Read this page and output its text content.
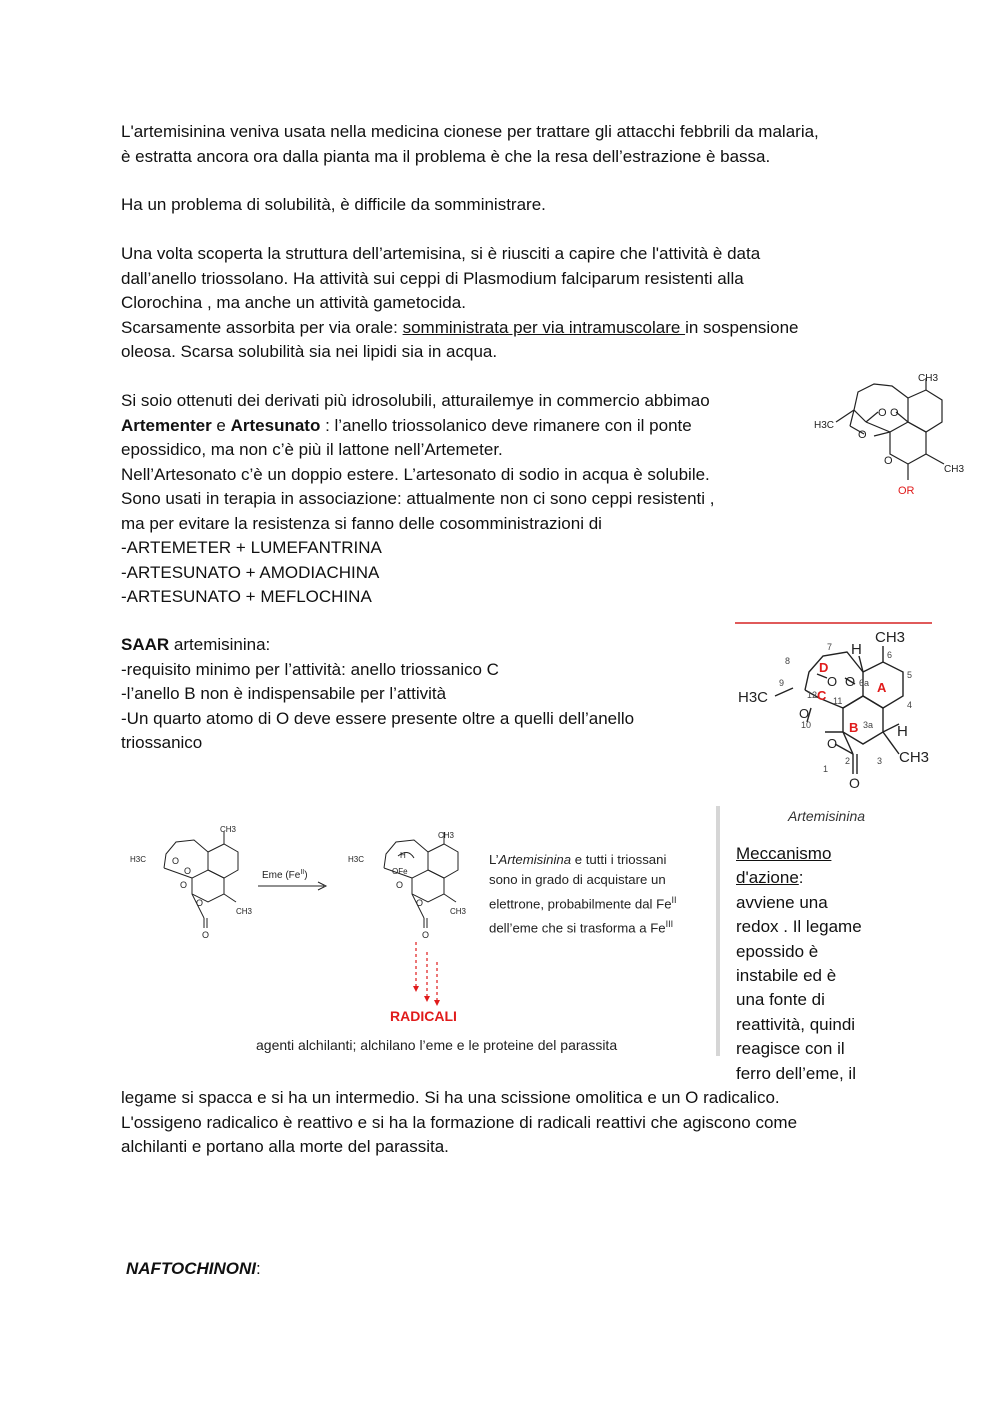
L'artemisinina veniva usata nella medicina cionese per trattare gli attacchi febbrili da malaria,
è estratta ancora ora dalla pianta ma il problema è che la resa dell’estrazione è bassa.

Ha un problema di solubilità, è difficile da somministrare.

Una volta scoperta la struttura dell’artemisina, si è riusciti a capire che l'attività è data
dall’anello triossolano. Ha attività sui ceppi di Plasmodium falciparum resistenti alla
Clorochina , ma anche un attività gametocida.
Scarsamente assorbita per via orale: somministrata per via intramuscolare in sospensione
oleosa. Scarsa solubilità sia nei lipidi sia in acqua.

Si soio ottenuti dei derivati più idrosolubili, atturailemye in commercio abbimao
Artementer e Artesunato : l’anello triossolanico deve rimanere con il ponte
epossidico, ma non c’è più il lattone nell’Artemeter.
Nell’Artesonato c’è un doppio estere. L’artesonato di sodio in acqua è solubile.
Sono usati in terapia in associazione: attualmente non ci sono ceppi resistenti ,
ma per evitare la resistenza si fanno delle cosomministrazioni di
-ARTEMETER + LUMEFANTRINA
-ARTESUNATO + AMODIACHINA
-ARTESUNATO + MEFLOCHINA

SAAR artemisinina:
-requisito minimo per l’attività: anello triossanico C
-l’anello B non è indispensabile per l’attività
-Un quarto atomo di O deve essere presente oltre a quelli dell’anello
triossanico

CH3
H3C
CH3
O O
O
O
OR
CH3
H3C
CH3
H
H
O O
O
O
O
A
B
C
D
1
2	3
3a
4
5
6
6a
7
8
9
10
11
12
Artemisinina
CH3
H3C
CH3
O
O
O
O
O
Eme $(Fe^{II})$
CH3
H3C
CH3
H
OFe
O
O
O
L’Artemisinina e tutti i triossani
sono in grado di acquistare un
elettrone, probabilmente dal $Fe^{II}$
dell’eme che si trasforma a $Fe^{III}$
RADICALI
agenti alchilanti; alchilano l’eme e le proteine del parassita
Meccanismo
d'azione:
avviene una
redox . Il legame
epossido è
instabile ed è
una fonte di
reattività, quindi
reagisce con il
ferro dell’eme, il

legame si spacca e si ha un intermedio. Si ha una scissione omolitica e un O radicalico.
L'ossigeno radicalico è reattivo e si ha la formazione di radicali reattivi che agiscono come
alchilanti e portano alla morte del parassita.

NAFTOCHINONI:
